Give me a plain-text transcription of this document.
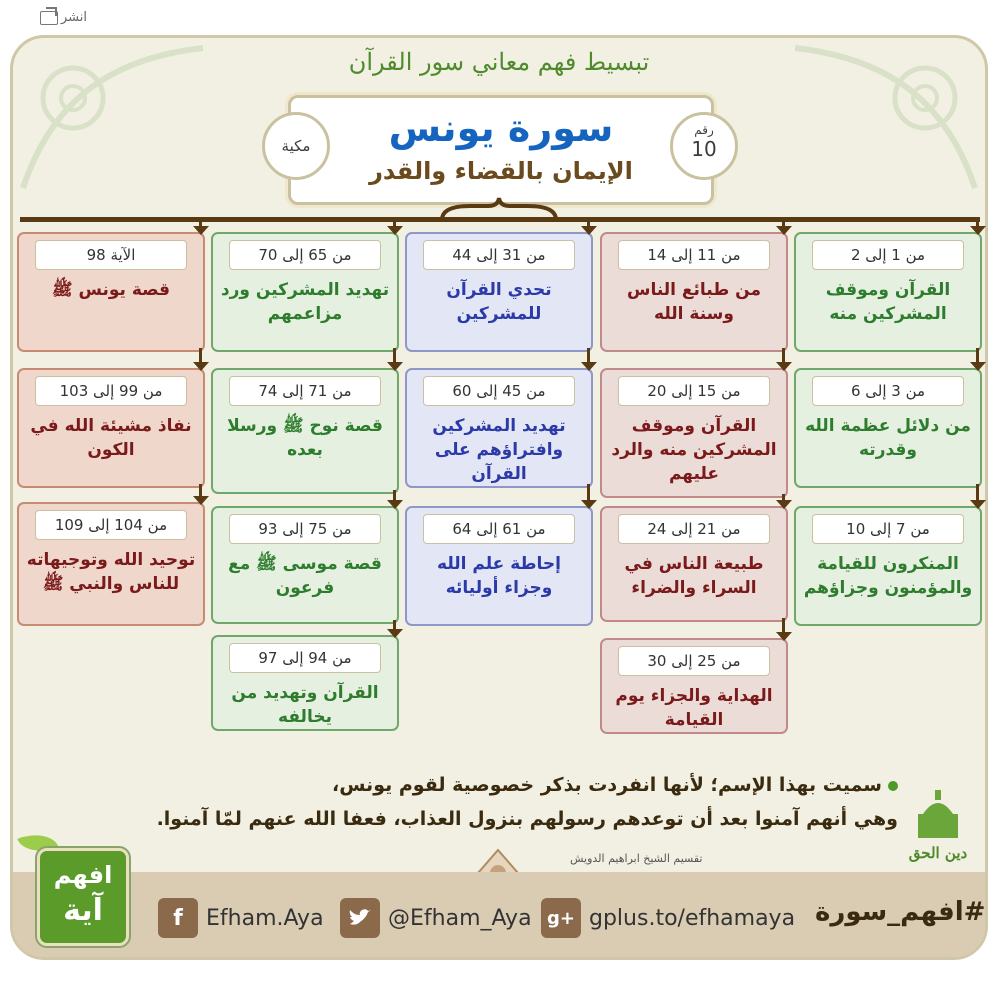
انشر
تبسيط فهم معاني سور القرآن
سورة يونس
الإيمان بالقضاء والقدر
مكية
رقم
10
من 1 إلى 2
القرآن وموقف المشركين منه
من 3 إلى 6
من دلائل عظمة الله وقدرته
من 7 إلى 10
المنكرون للقيامة والمؤمنون وجزاؤهم
من 11 إلى 14
من طبائع الناس وسنة الله
من 15 إلى 20
القرآن وموقف المشركين منه والرد عليهم
من 21 إلى 24
طبيعة الناس في السراء والضراء
من 25 إلى 30
الهداية والجزاء يوم القيامة
من 31 إلى 44
تحدي القرآن للمشركين
من 45 إلى 60
تهديد المشركين وافتراؤهم على القرآن
من 61 إلى 64
إحاطة علم الله وجزاء أوليائه
من 65 إلى 70
تهديد المشركين ورد مزاعمهم
من 71 إلى 74
قصة نوح ﷺ ورسلا بعده
من 75 إلى 93
قصة موسى ﷺ مع فرعون
من 94 إلى 97
القرآن وتهديد من يخالفه
الآية 98
قصة يونس ﷺ
من 99 إلى 103
نفاذ مشيئة الله في الكون
من 104 إلى 109
توحيد الله وتوجيهاته للناس والنبي ﷺ
سميت بهذا الإسم؛ لأنها انفردت بذكر خصوصية لقوم يونس،
وهي أنهم آمنوا بعد أن توعدهم رسولهم بنزول العذاب، فعفا الله عنهم لمّا آمنوا.
تقسيم الشيخ ابراهيم الدويش	دين الحق
افهم
آية	f	Efham.Aya	@Efham_Aya g+ gplus.to/efhamaya #افهم_سورة
